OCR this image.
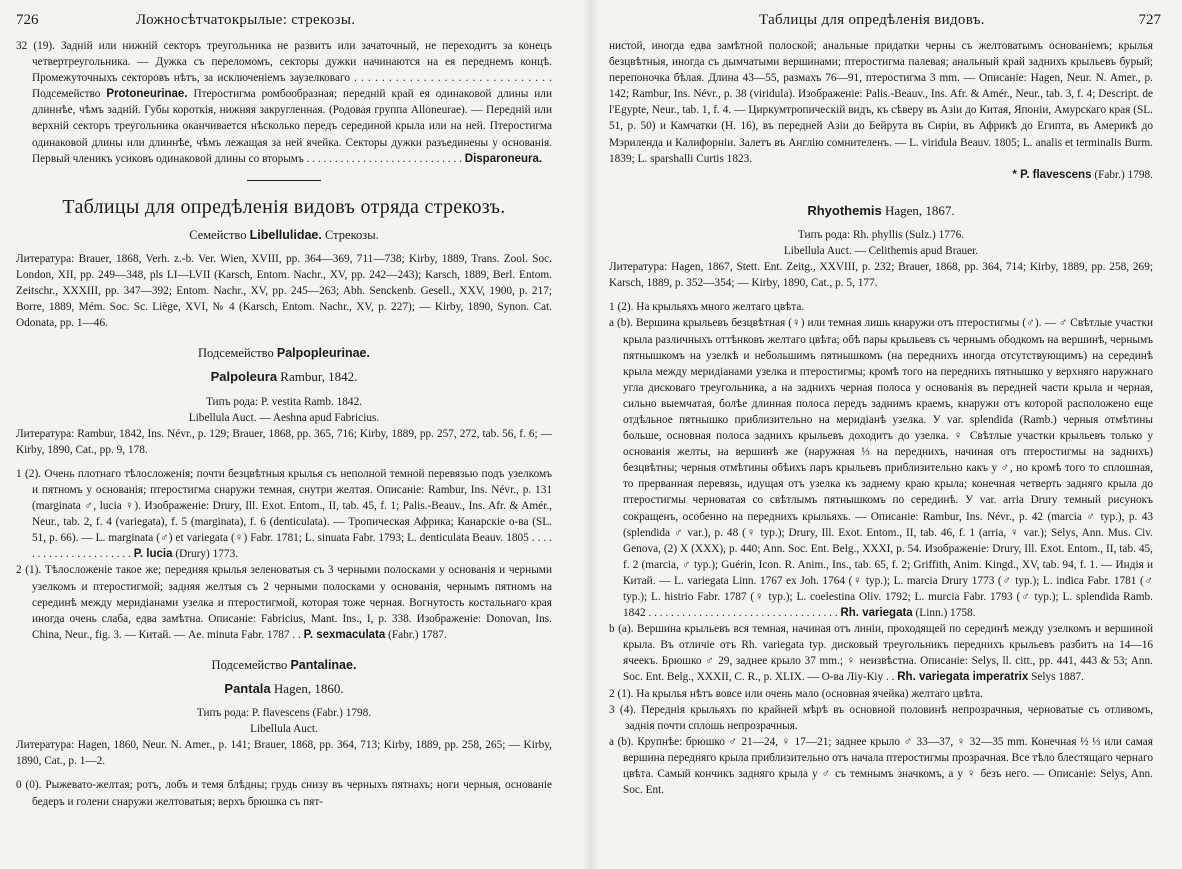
726	Ложносѣтчатокрылые: стрекозы.

32 (19). Задній или нижній секторъ треугольника не развитъ или зачаточный, не переходитъ за конецъ четвертреугольника. — Дужка съ переломомъ, секторы дужки начинаются на ея переднемъ концѣ. Промежуточныхъ секторовъ нѣтъ, за исключеніемъ заузелковаго . . . . . . . . . . . . . . . . . . . . . . . . . . . . . Подсемейство Protoneurinae. Птеростигма ромбообразная; передній край ея одинаковой длины или длиннѣе, чѣмъ задній. Губы короткія, нижняя закругленная. (Родовая группа Alloneurae). — Передній или верхній секторъ треугольника оканчивается нѣсколько передъ серединой крыла или на ней. Птеростигма одинаковой длины или длиннѣе, чѣмъ лежащая за ней ячейка. Секторы дужки разъединены у основанія. Первый членикъ усиковъ одинаковой длины со вторымъ . . . . . . . . . . . . . . . . . . . . . . . . . . . . Disparoneura.

Таблицы для опредѣленія видовъ отряда стрекозъ.
Семейство Libellulidae. Стрекозы.

Литература: Brauer, 1868, Verh. z.-b. Ver. Wien, XVIII, pp. 364—369, 711—738; Kirby, 1889, Trans. Zool. Soc. London, XII, pp. 249—348, pls LI—LVII (Karsch, Entom. Nachr., XV, pp. 242—243); Karsch, 1889, Berl. Entom. Zeitschr., XXXIII, pp. 347—392; Entom. Nachr., XV, pp. 245—263; Abh. Senckenb. Gesell., XXV, 1900, p. 217; Borre, 1889, Mém. Soc. Sc. Liège, XVI, № 4 (Karsch, Entom. Nachr., XV, p. 227); — Kirby, 1890, Synon. Cat. Odonata, pp. 1—46.

Подсемейство Palpopleurinae.
Palpoleura Rambur, 1842.

Типъ рода: P. vestita Ramb. 1842.

Libellula Auct. — Aeshna apud Fabricius.

Литература: Rambur, 1842, Ins. Névr., p. 129; Brauer, 1868, pp. 365, 716; Kirby, 1889, pp. 257, 272, tab. 56, f. 6; — Kirby, 1890, Cat., pp. 9, 178.

1 (2). Очень плотнаго тѣлосложенія; почти безцвѣтныя крылья съ неполной темной перевязью подъ узелкомъ и пятномъ у основанія; птеростигма снаружи темная, снутри желтая. Описаніе: Rambur, Ins. Névr., p. 131 (marginata ♂, lucia ♀). Изображеніе: Drury, Ill. Exot. Entom., II, tab. 45, f. 1; Palis.-Beauv., Ins. Afr. & Amér., Neur., tab. 2, f. 4 (variegata), f. 5 (marginata), f. 6 (denticulata). — Тропическая Африка; Канарскіе о-ва (SL. 51, p. 66). — L. marginata (♂) et variegata (♀) Fabr. 1781; L. sinuata Fabr. 1793; L. denticulata Beauv. 1805 . . . . . . . . . . . . . . . . . . . . . . P. lucia (Drury) 1773.

2 (1). Тѣлосложеніе такое же; передняя крылья зеленоватыя съ 3 черными полосками у основанія и черными узелкомъ и птеростигмой; задняя желтыя съ 2 черными полосками у основанія, чернымъ пятномъ на серединѣ между меридіанами узелка и птеростигмой, которая тоже черная. Вогнутость костальнаго края иногда очень слаба, едва замѣтна. Описаніе: Fabricius, Mant. Ins., I, p. 338. Изображеніе: Donovan, Ins. China, Neur., fig. 3. — Китай. — Ae. minuta Fabr. 1787 . . P. sexmaculata (Fabr.) 1787.

Подсемейство Pantalinae.
Pantala Hagen, 1860.

Типъ рода: P. flavescens (Fabr.) 1798.

Libellula Auct.

Литература: Hagen, 1860, Neur. N. Amer., p. 141; Brauer, 1868, pp. 364, 713; Kirby, 1889, pp. 258, 265; — Kirby, 1890, Cat., p. 1—2.

0 (0). Рыжевато-желтая; ротъ, лобъ и темя блѣдны; грудь снизу въ черныхъ пятнахъ; ноги черныя, основаніе бедеръ и голени снаружи желтоватыя; верхъ брюшка съ пят-

Таблицы для опредѣленія видовъ.	727

нистой, иногда едва замѣтной полоской; анальные придатки черны съ желтоватымъ основаніемъ; крылья безцвѣтныя, иногда съ дымчатыми вершинами; птеростигма палевая; анальный край заднихъ крыльевъ бурый; перепоночка бѣлая. Длина 43—55, размахъ 76—91, птеростигма 3 mm. — Описаніе: Hagen, Neur. N. Amer., p. 142; Rambur, Ins. Névr., p. 38 (viridula). Изображеніе: Palis.-Beauv., Ins. Afr. & Amér., Neur., tab. 3, f. 4; Descript. de l'Egypte, Neur., tab. 1, f. 4. — Циркумтропическій видъ, къ сѣверу въ Азіи до Китая, Японіи, Амурскаго края (SL. 51, p. 50) и Камчатки (H. 16), въ передней Азіи до Бейрута въ Сиріи, въ Африкѣ до Египта, въ Америкѣ до Мэриленда и Калифорніи. Залетъ въ Англію сомнителенъ. — L. viridula Beauv. 1805; L. analis et terminalis Burm. 1839; L. sparshalli Curtis 1823.

* P. flavescens (Fabr.) 1798.

Rhyothemis Hagen, 1867.

Типъ рода: Rh. phyllis (Sulz.) 1776.

Libellula Auct. — Celithemis apud Brauer.

Литература: Hagen, 1867, Stett. Ent. Zeitg., XXVIII, p. 232; Brauer, 1868, pp. 364, 714; Kirby, 1889, pp. 258, 269; Karsch, 1889, p. 352—354; — Kirby, 1890, Cat., p. 5, 177.

1 (2). На крыльяхъ много желтаго цвѣта.

a (b). Вершина крыльевъ безцвѣтная (♀) или темная лишь кнаружи отъ птеростигмы (♂). — ♂ Свѣтлые участки крыла различныхъ оттѣнковъ желтаго цвѣта; обѣ пары крыльевъ съ чернымъ ободкомъ на вершинѣ, чернымъ пятнышкомъ на узелкѣ и небольшимъ пятнышкомъ (на переднихъ иногда отсутствующимъ) на серединѣ крыла между меридіанами узелка и птеростигмы; кромѣ того на переднихъ пятнышко у верхняго наружнаго угла дисковаго треугольника, а на заднихъ черная полоса у основанія въ передней части крыла и черная, сильно выемчатая, болѣе длинная полоса передъ заднимъ краемъ, кнаружи отъ которой расположено еще отдѣльное пятнышко приблизительно на меридіанѣ узелка. У var. splendida (Ramb.) черныя отмѣтины больше, основная полоса заднихъ крыльевъ доходитъ до узелка. ♀ Свѣтлые участки крыльевъ только у основанія желты, на вершинѣ же (наружная ⅓ на переднихъ, начиная отъ птеростигмы на заднихъ) безцвѣтны; черныя отмѣтины обѣихъ паръ крыльевъ приблизительно какъ у ♂, но кромѣ того то сплошная, то прерванная перевязь, идущая отъ узелка къ заднему краю крыла; конечная четверть задняго крыла до птеростигмы черноватая со свѣтлымъ пятнышкомъ по серединѣ. У var. arria Drury темный рисунокъ сокращенъ, особенно на переднихъ крыльяхъ. — Описаніе: Rambur, Ins. Névr., p. 42 (marcia ♂ typ.), p. 43 (splendida ♂ var.), p. 48 (♀ typ.); Drury, Ill. Exot. Entom., II, tab. 46, f. 1 (arria, ♀ var.); Selys, Ann. Mus. Civ. Genova, (2) X (XXX), p. 440; Ann. Soc. Ent. Belg., XXXI, p. 54. Изображеніе: Drury, Ill. Exot. Entom., II, tab. 45, f. 2 (marcia, ♂ typ.); Guérin, Icon. R. Anim., Ins., tab. 65, f. 2; Griffith, Anim. Kingd., XV, tab. 94, f. 1. — Индія и Китай. — L. variegata Linn. 1767 ex Joh. 1764 (♀ typ.); L. marcia Drury 1773 (♂ typ.); L. indica Fabr. 1781 (♂ typ.); L. histrio Fabr. 1787 (♀ typ.); L. coelestina Oliv. 1792; L. murcia Fabr. 1793 (♂ typ.); L. splendida Ramb. 1842 . . . . . . . . . . . . . . . . . . . . . . . . . . . . . . . . . . Rh. variegata (Linn.) 1758.

b (a). Вершина крыльевъ вся темная, начиная отъ линіи, проходящей по серединѣ между узелкомъ и вершиной крыла. Въ отличіе отъ Rh. variegata typ. дисковый треугольникъ переднихъ крыльевъ разбитъ на 14—16 ячеекъ. Брюшко ♂ 29, заднее крыло 37 mm.; ♀ неизвѣстна. Описаніе: Selys, ll. citt., pp. 441, 443 & 53; Ann. Soc. Ent. Belg., XXXII, C. R., p. XLIX. — О-ва Ліу-Кіу . . Rh. variegata imperatrix Selys 1887.

2 (1). На крылья нѣтъ вовсе или очень мало (основная ячейка) желтаго цвѣта.

3 (4). Переднія крыльяхъ по крайней мѣрѣ въ основной половинѣ непрозрачныя, черноватые съ отливомъ, заднія почти сплошь непрозрачныя.

a (b). Крупнѣе: брюшко ♂ 21—24, ♀ 17—21; заднее крыло ♂ 33—37, ♀ 32—35 mm. Конечная ½ ⅓ или самая вершина передняго крыла приблизительно отъ начала птеростигмы прозрачная. Все тѣло блестящаго чернаго цвѣта. Самый кончикъ задняго крыла у ♂ съ темнымъ значкомъ, а у ♀ безъ него. — Описаніе: Selys, Ann. Soc. Ent.
